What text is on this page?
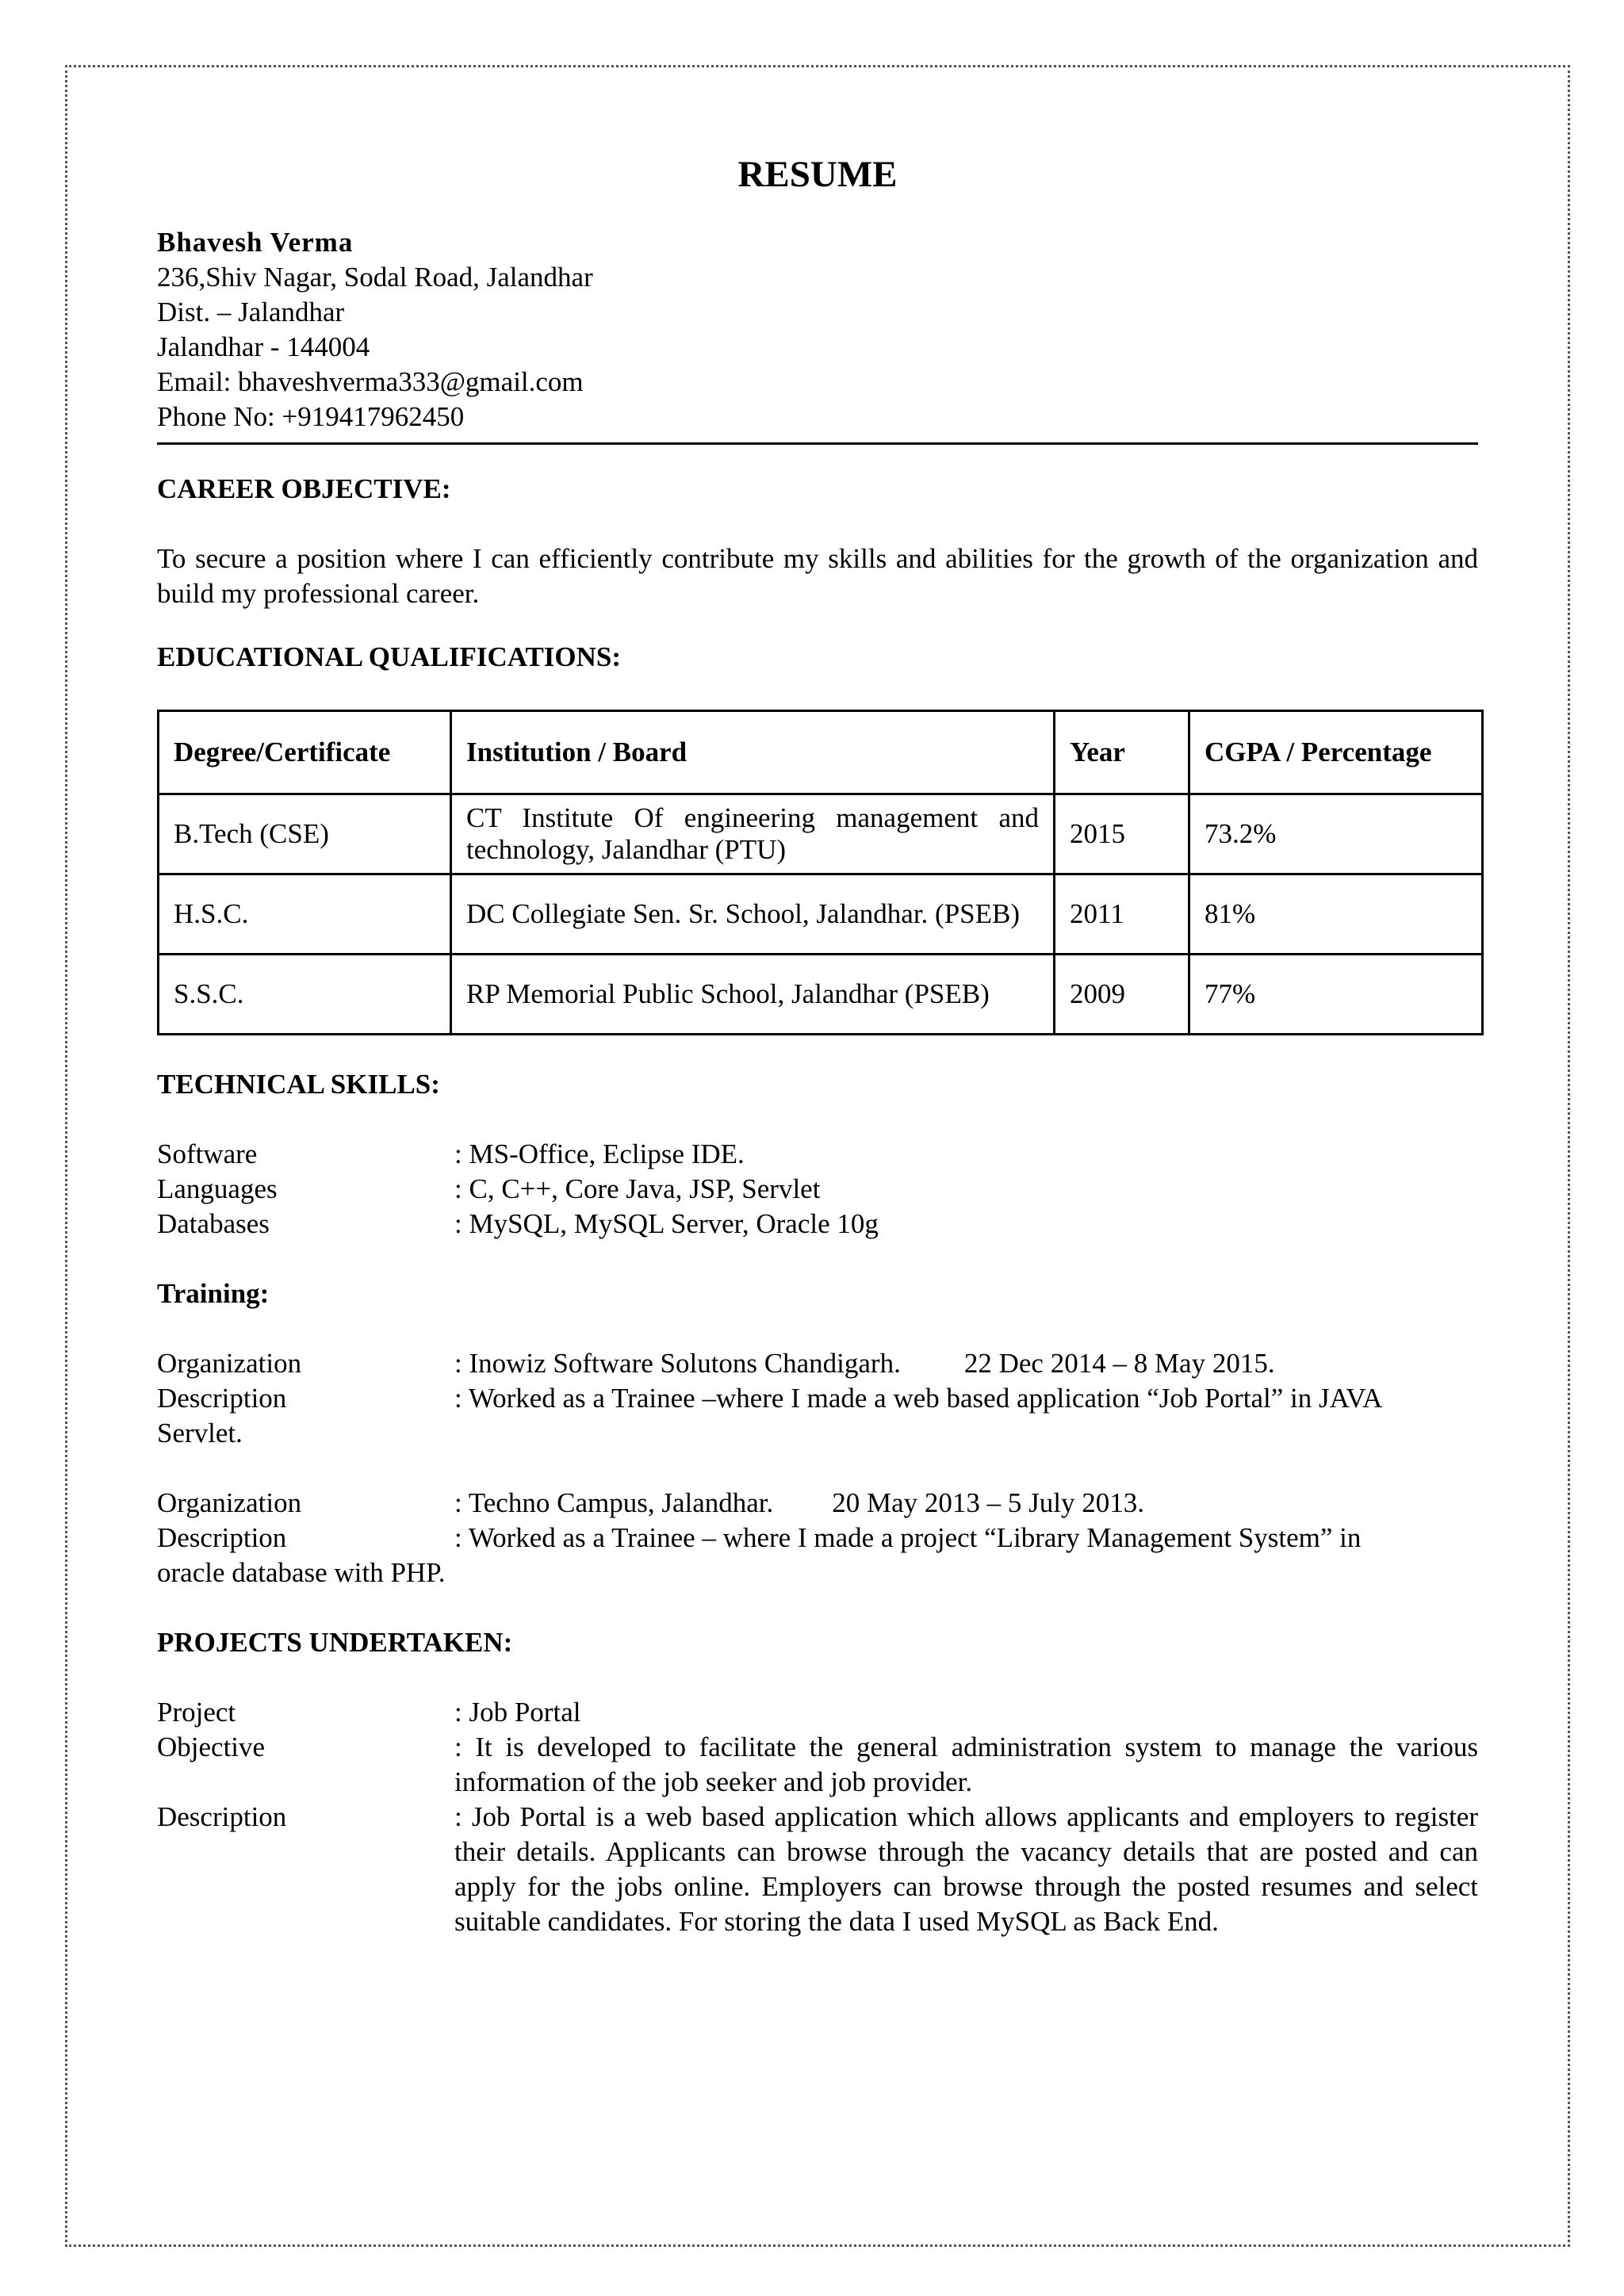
RESUME
Bhavesh Verma
236,Shiv Nagar, Sodal Road, Jalandhar
Dist. – Jalandhar
Jalandhar - 144004
Email: bhaveshverma333@gmail.com
Phone No: +919417962450
CAREER OBJECTIVE:
To secure a position where I can efficiently contribute my skills and abilities for the growth of the organization and build my professional career.
EDUCATIONAL QUALIFICATIONS:
Degree/Certificate	Institution / Board	Year	CGPA / Percentage
B.Tech (CSE)	CT Institute Of engineering management and technology, Jalandhar (PTU)	2015	73.2%
H.S.C.	DC Collegiate Sen. Sr. School, Jalandhar. (PSEB)	2011	81%
S.S.C.	RP Memorial Public School, Jalandhar (PSEB)	2009	77%
TECHNICAL SKILLS:
Software	: MS-Office, Eclipse IDE.
Languages	: C, C++, Core Java, JSP, Servlet
Databases	: MySQL, MySQL Server, Oracle 10g
Training:
Organization	: Inowiz Software Solutons Chandigarh. 22 Dec 2014 – 8 May 2015.
Description	: Worked as a Trainee –where I made a web based application “Job Portal” in JAVA
Servlet.
Organization	: Techno Campus, Jalandhar. 20 May 2013 – 5 July 2013.
Description	: Worked as a Trainee – where I made a project “Library Management System” in
oracle database with PHP.
PROJECTS UNDERTAKEN:
Project	: Job Portal
Objective	: It is developed to facilitate the general administration system to manage the various information of the job seeker and job provider.
Description	: Job Portal is a web based application which allows applicants and employers to register their details. Applicants can browse through the vacancy details that are posted and can apply for the jobs online. Employers can browse through the posted resumes and select suitable candidates. For storing the data I used MySQL as Back End.
